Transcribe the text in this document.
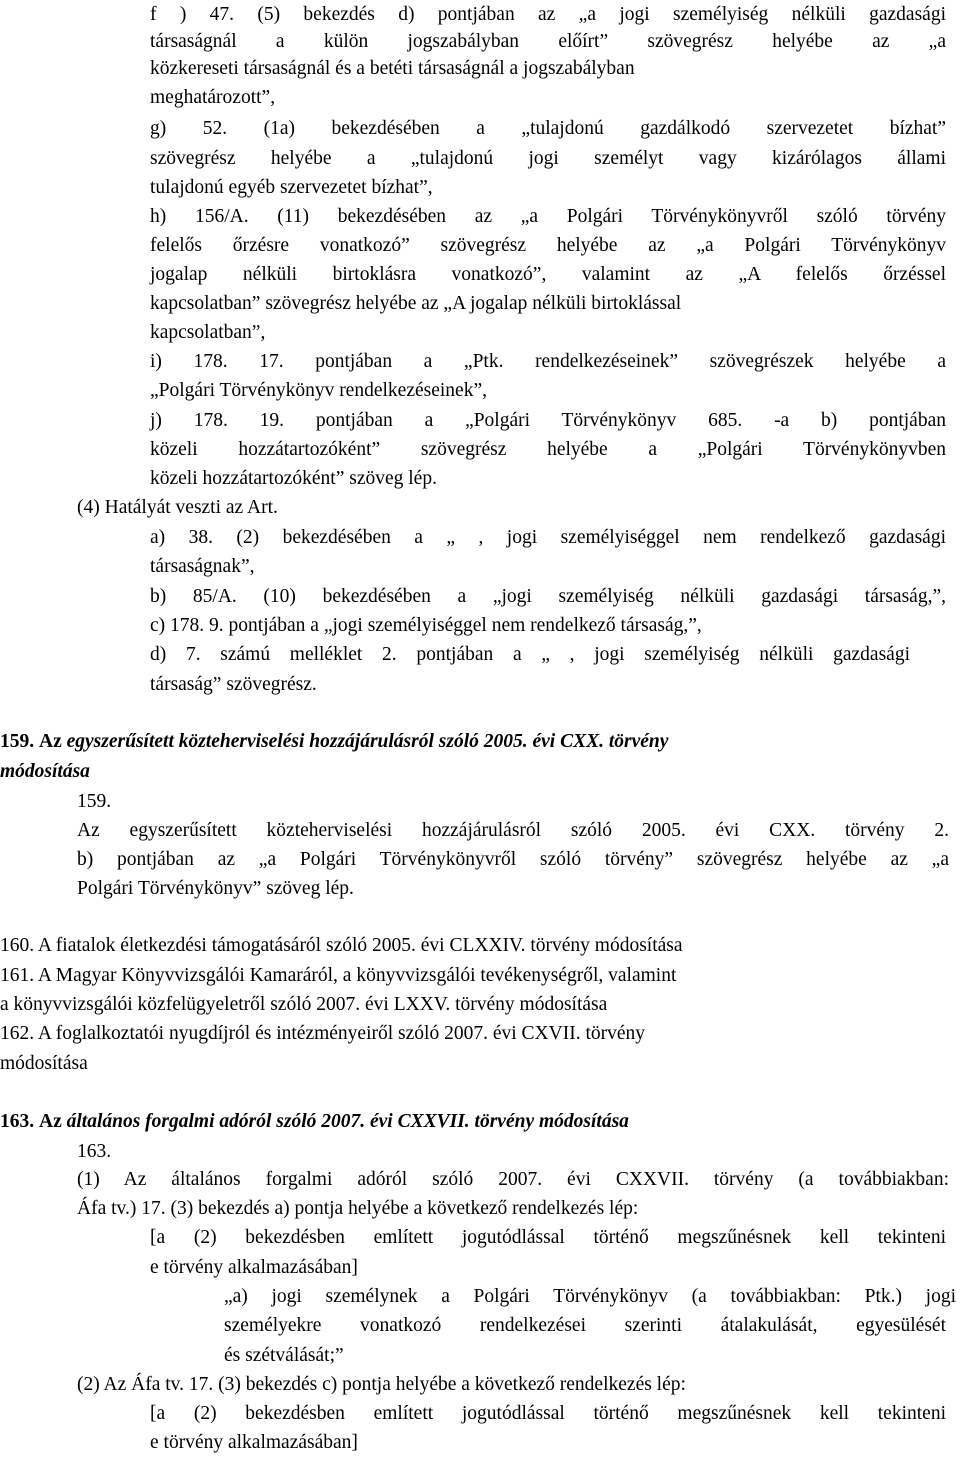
f ) 47. (5) bekezdés d) pontjában az „a jogi személyiség nélküli gazdasági
társaságnál a külön jogszabályban előírt” szövegrész helyébe az „a
közkereseti társaságnál és a betéti társaságnál a jogszabályban
meghatározott”,
g) 52. (1a) bekezdésében a „tulajdonú gazdálkodó szervezetet bízhat”
szövegrész helyébe a „tulajdonú jogi személyt vagy kizárólagos állami
tulajdonú egyéb szervezetet bízhat”,
h) 156/A. (11) bekezdésében az „a Polgári Törvénykönyvről szóló törvény
felelős őrzésre vonatkozó” szövegrész helyébe az „a Polgári Törvénykönyv
jogalap nélküli birtoklásra vonatkozó”, valamint az „A felelős őrzéssel
kapcsolatban” szövegrész helyébe az „A jogalap nélküli birtoklással
kapcsolatban”,
i) 178. 17. pontjában a „Ptk. rendelkezéseinek” szövegrészek helyébe a
„Polgári Törvénykönyv rendelkezéseinek”,
j) 178. 19. pontjában a „Polgári Törvénykönyv 685. -a b) pontjában
közeli hozzátartozóként” szövegrész helyébe a „Polgári Törvénykönyvben
közeli hozzátartozóként” szöveg lép.
(4) Hatályát veszti az Art.
a) 38. (2) bekezdésében a „ , jogi személyiséggel nem rendelkező gazdasági
társaságnak”,
b) 85/A. (10) bekezdésében a „jogi személyiség nélküli gazdasági társaság,”,
c) 178. 9. pontjában a „jogi személyiséggel nem rendelkező társaság,”,
d) 7. számú melléklet 2. pontjában a „ , jogi személyiség nélküli gazdasági
társaság” szövegrész.
Polgári Törvénykönyv” szöveg lép.
160. A fiatalok életkezdési támogatásáról szóló 2005. évi CLXXIV. törvény módosítása
161. A Magyar Könyvvizsgálói Kamaráról, a könyvvizsgálói tevékenységről, valamint
a könyvvizsgálói közfelügyeletről szóló 2007. évi LXXV. törvény módosítása
162. A foglalkoztatói nyugdíjról és intézményeiről szóló 2007. évi CXVII. törvény
módosítása
163.
(1) Az általános forgalmi adóról szóló 2007. évi CXXVII. törvény (a továbbiakban:
Áfa tv.) 17. (3) bekezdés a) pontja helyébe a következő rendelkezés lép:
[a (2) bekezdésben említett jogutódlással történő megszűnésnek kell tekinteni
e törvény alkalmazásában]
„a) jogi személynek a Polgári Törvénykönyv (a továbbiakban: Ptk.) jogi
személyekre vonatkozó rendelkezései szerinti átalakulását, egyesülését
és szétválását;”
(2) Az Áfa tv. 17. (3) bekezdés c) pontja helyébe a következő rendelkezés lép:
[a (2) bekezdésben említett jogutódlással történő megszűnésnek kell tekinteni
e törvény alkalmazásában]
159. Az egyszerűsített közteherviselési hozzájárulásról szóló 2005. évi CXX. törvény
módosítása
159.
Az egyszerűsített közteherviselési hozzájárulásról szóló 2005. évi CXX. törvény 2.
b) pontjában az „a Polgári Törvénykönyvről szóló törvény” szövegrész helyébe az „a
163. Az általános forgalmi adóról szóló 2007. évi CXXVII. törvény módosítása
